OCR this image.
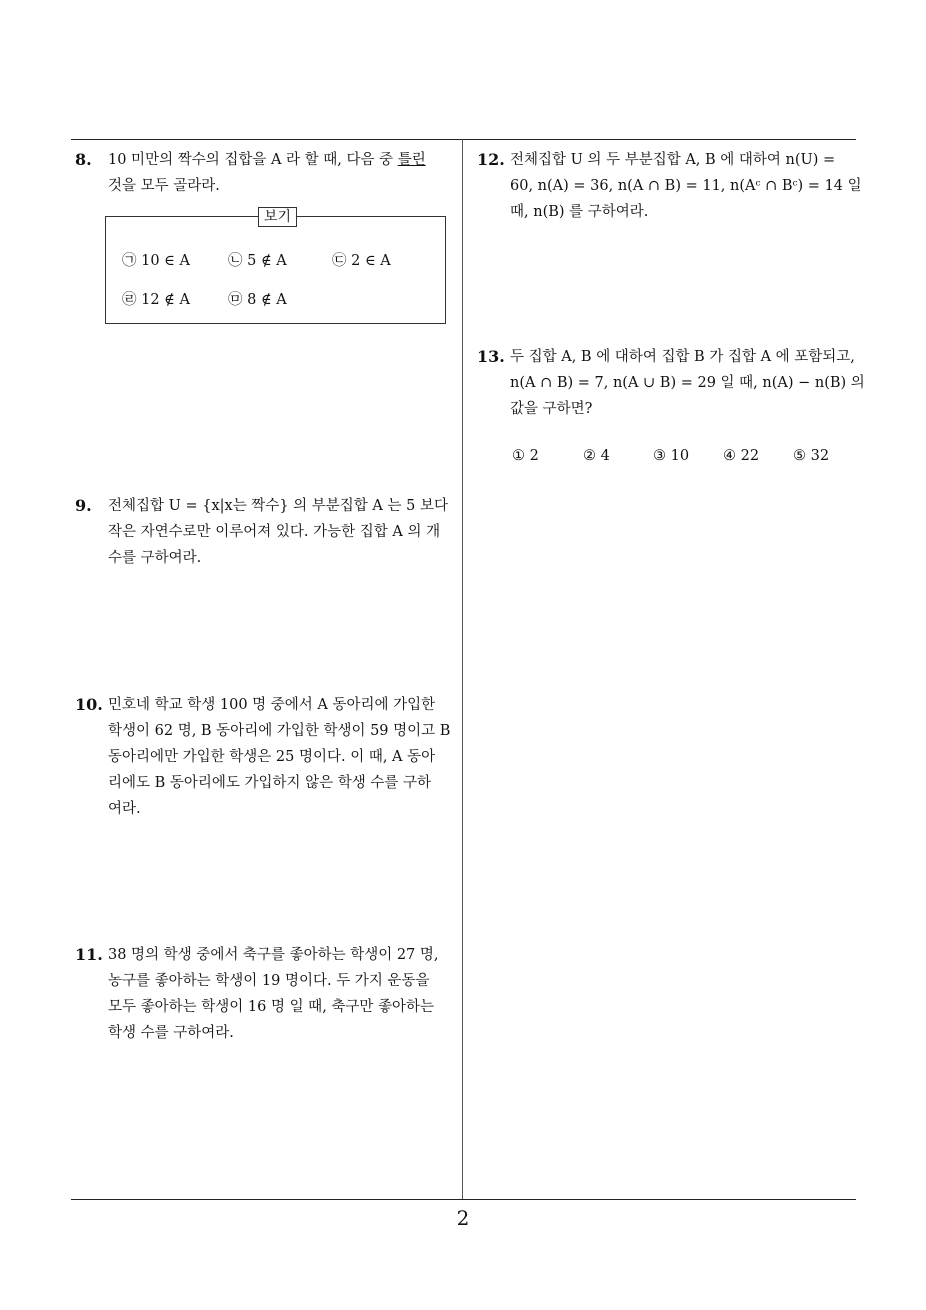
8. 10 미만의 짝수의 집합을 A 라 할 때, 다음 중 틀린
것을 모두 골라라.
보기
㉠ 10 ∈ A	㉡ 5 ∉ A	㉢ 2 ∈ A
㉣ 12 ∉ A	㉤ 8 ∉ A
9. 전체집합 U = {x|x는 짝수} 의 부분집합 A 는 5 보다
작은 자연수로만 이루어져 있다. 가능한 집합 A 의 개
수를 구하여라.
10. 민호네 학교 학생 100 명 중에서 A 동아리에 가입한
학생이 62 명, B 동아리에 가입한 학생이 59 명이고 B
동아리에만 가입한 학생은 25 명이다. 이 때, A 동아
리에도 B 동아리에도 가입하지 않은 학생 수를 구하
여라.
11. 38 명의 학생 중에서 축구를 좋아하는 학생이 27 명,
농구를 좋아하는 학생이 19 명이다. 두 가지 운동을
모두 좋아하는 학생이 16 명 일 때, 축구만 좋아하는
학생 수를 구하여라.
12. 전체집합 U 의 두 부분집합 A, B 에 대하여 n(U) =
60, n(A) = 36, n(A ∩ B) = 11, n(Aᶜ ∩ Bᶜ) = 14 일
때, n(B) 를 구하여라.
13. 두 집합 A, B 에 대하여 집합 B 가 집합 A 에 포함되고,
n(A ∩ B) = 7, n(A ∪ B) = 29 일 때, n(A) − n(B) 의
값을 구하면?
① 2	② 4	③ 10 ④ 22 ⑤ 32
2
